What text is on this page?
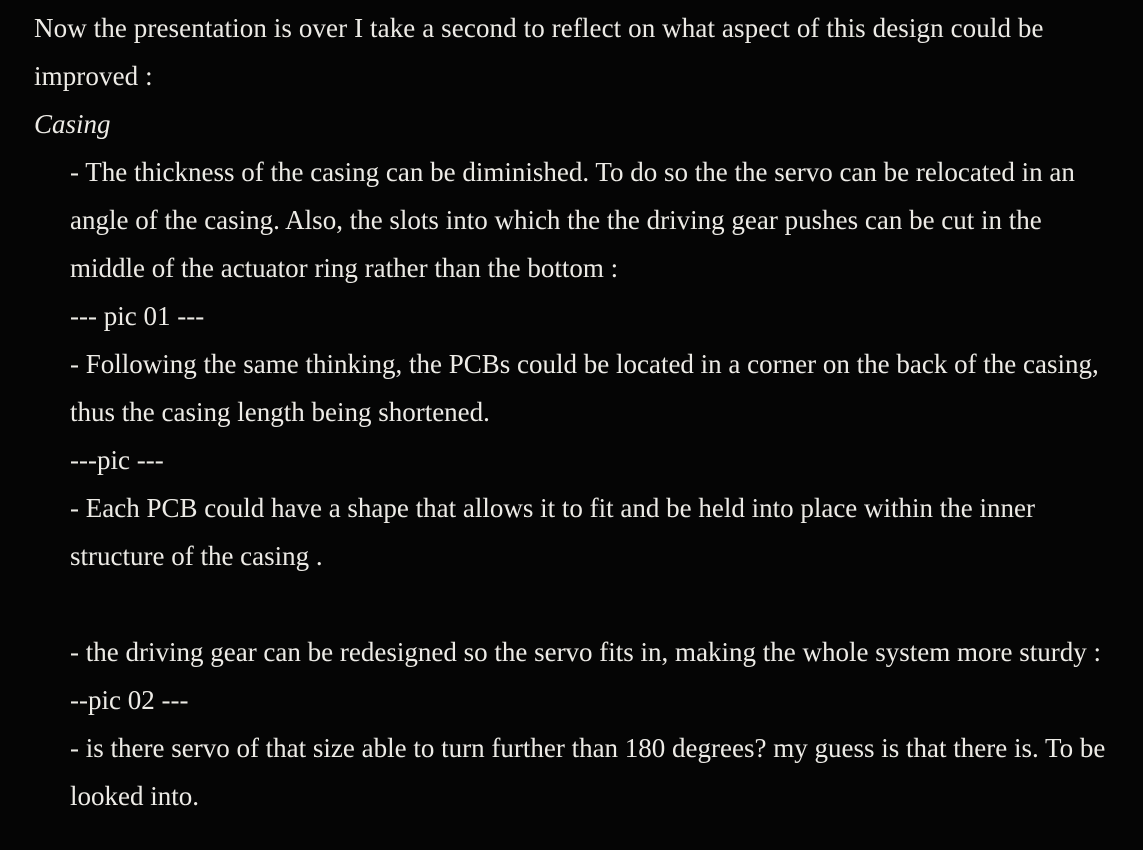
Now the presentation is over I take a second to reflect on what aspect of this design could be improved :

Casing

- The thickness of the casing can be diminished. To do so the the servo can be relocated in an angle of the casing. Also, the slots into which the the driving gear pushes can be cut in the middle of the actuator ring rather than the bottom :

--- pic 01 ---

- Following the same thinking, the PCBs could be located in a corner on the back of the casing, thus the casing length being shortened.

---pic ---

- Each PCB could have a shape that allows it to fit and be held into place within the inner structure of the casing .

- the driving gear can be redesigned so the servo fits in, making the whole system more sturdy :

--pic 02 ---

- is there servo of that size able to turn further than 180 degrees? my guess is that there is. To be looked into.
